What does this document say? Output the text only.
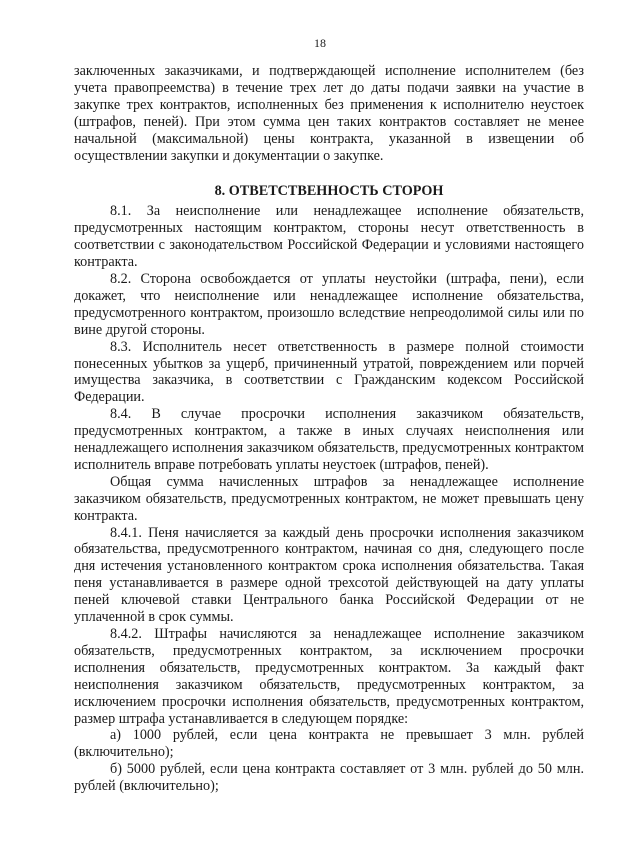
18

заключенных заказчиками, и подтверждающей исполнение исполнителем (без учета правопреемства) в течение трех лет до даты подачи заявки на участие в закупке трех контрактов, исполненных без применения к исполнителю неустоек (штрафов, пеней). При этом сумма цен таких контрактов составляет не менее начальной (максимальной) цены контракта, указанной в извещении об осуществлении закупки и документации о закупке.

8. ОТВЕТСТВЕННОСТЬ СТОРОН

8.1. За неисполнение или ненадлежащее исполнение обязательств, предусмотренных настоящим контрактом, стороны несут ответственность в соответствии с законодательством Российской Федерации и условиями настоящего контракта.

8.2. Сторона освобождается от уплаты неустойки (штрафа, пени), если докажет, что неисполнение или ненадлежащее исполнение обязательства, предусмотренного контрактом, произошло вследствие непреодолимой силы или по вине другой стороны.

8.3. Исполнитель несет ответственность в размере полной стоимости понесенных убытков за ущерб, причиненный утратой, повреждением или порчей имущества заказчика, в соответствии с Гражданским кодексом Российской Федерации.

8.4. В случае просрочки исполнения заказчиком обязательств, предусмотренных контрактом, а также в иных случаях неисполнения или ненадлежащего исполнения заказчиком обязательств, предусмотренных контрактом исполнитель вправе потребовать уплаты неустоек (штрафов, пеней).

Общая сумма начисленных штрафов за ненадлежащее исполнение заказчиком обязательств, предусмотренных контрактом, не может превышать цену контракта.

8.4.1. Пеня начисляется за каждый день просрочки исполнения заказчиком обязательства, предусмотренного контрактом, начиная со дня, следующего после дня истечения установленного контрактом срока исполнения обязательства. Такая пеня устанавливается в размере одной трехсотой действующей на дату уплаты пеней ключевой ставки Центрального банка Российской Федерации от не уплаченной в срок суммы.

8.4.2. Штрафы начисляются за ненадлежащее исполнение заказчиком обязательств, предусмотренных контрактом, за исключением просрочки исполнения обязательств, предусмотренных контрактом. За каждый факт неисполнения заказчиком обязательств, предусмотренных контрактом, за исключением просрочки исполнения обязательств, предусмотренных контрактом, размер штрафа устанавливается в следующем порядке:

а) 1000 рублей, если цена контракта не превышает 3 млн. рублей (включительно);

б) 5000 рублей, если цена контракта составляет от 3 млн. рублей до 50 млн. рублей (включительно);
